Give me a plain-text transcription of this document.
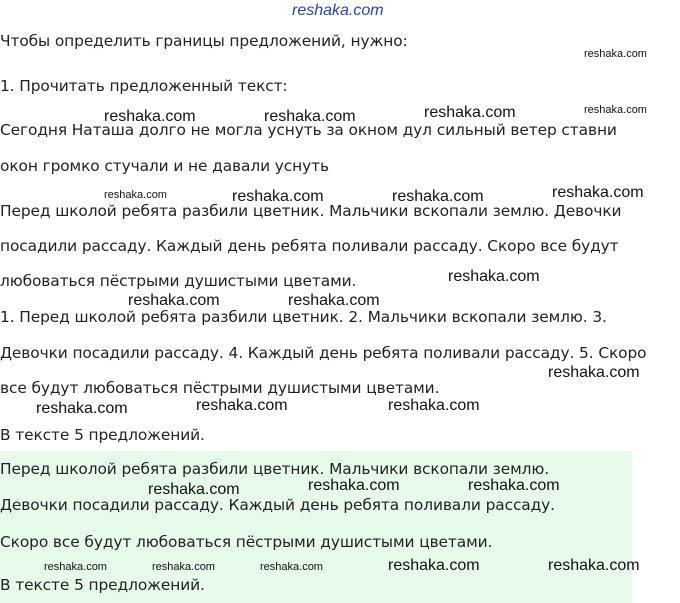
reshaka.com
Чтобы определить границы предложений, нужно:
1. Прочитать предложенный текст:
Сегодня Наташа долго не могла уснуть за окном дул сильный ветер ставни
окон громко стучали и не давали уснуть
Перед школой ребята разбили цветник. Мальчики вскопали землю. Девочки
посадили рассаду. Каждый день ребята поливали рассаду. Скоро все будут
любоваться пёстрыми душистыми цветами.
1. Перед школой ребята разбили цветник. 2. Мальчики вскопали землю. 3.
Девочки посадили рассаду. 4. Каждый день ребята поливали рассаду. 5. Скоро
все будут любоваться пёстрыми душистыми цветами.
В тексте 5 предложений.
Перед школой ребята разбили цветник. Мальчики вскопали землю.
Девочки посадили рассаду. Каждый день ребята поливали рассаду.
Скоро все будут любоваться пёстрыми душистыми цветами.
В тексте 5 предложений.
reshaka.com
reshaka.com	reshaka.com	reshaka.com	reshaka.com
reshaka.com	reshaka.com	reshaka.com	reshaka.com
reshaka.com
reshaka.com	reshaka.com
reshaka.com
reshaka.com	reshaka.com	reshaka.com
reshaka.com	reshaka.com	reshaka.com
reshaka.com	reshaka.com	reshaka.com	reshaka.com	reshaka.com
